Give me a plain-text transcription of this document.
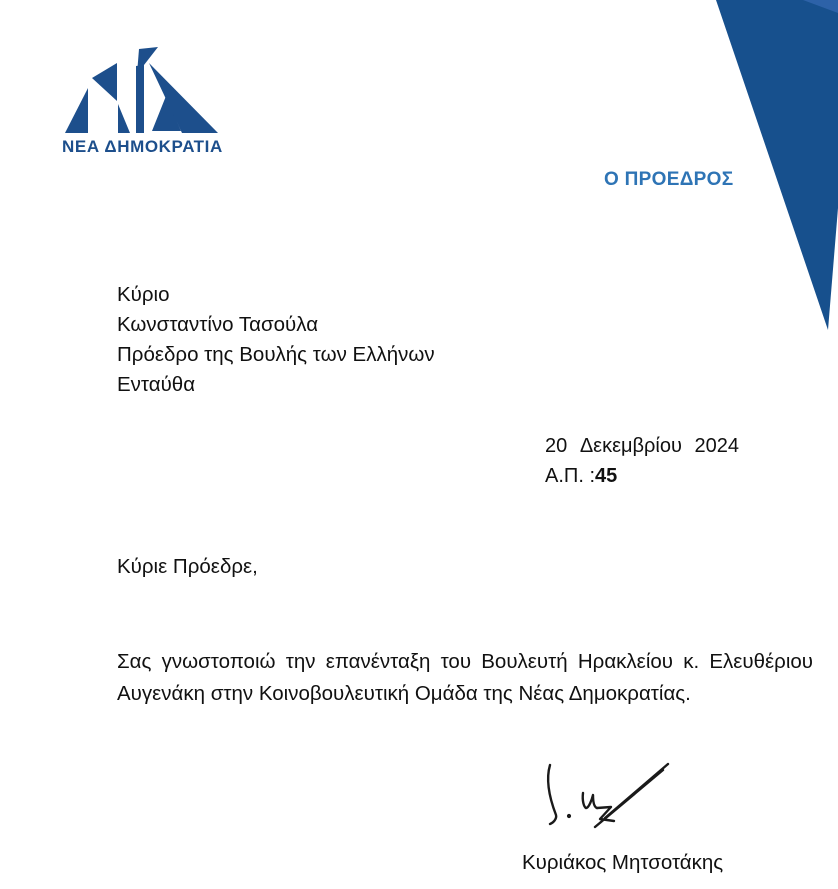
ΝΕΑ ΔΗΜΟΚΡΑΤΙΑ
Ο ΠΡΟΕΔΡΟΣ
Κύριο
Κωνσταντίνο Τασούλα
Πρόεδρο της Βουλής των Ελλήνων
Ενταύθα
20 Δεκεμβρίου 2024
Α.Π. :45
Κύριε Πρόεδρε,
Σας γνωστοποιώ την επανένταξη του Βουλευτή Ηρακλείου κ. Ελευθέριου
Αυγενάκη στην Κοινοβουλευτική Ομάδα της Νέας Δημοκρατίας.
Κυριάκος Μητσοτάκης
